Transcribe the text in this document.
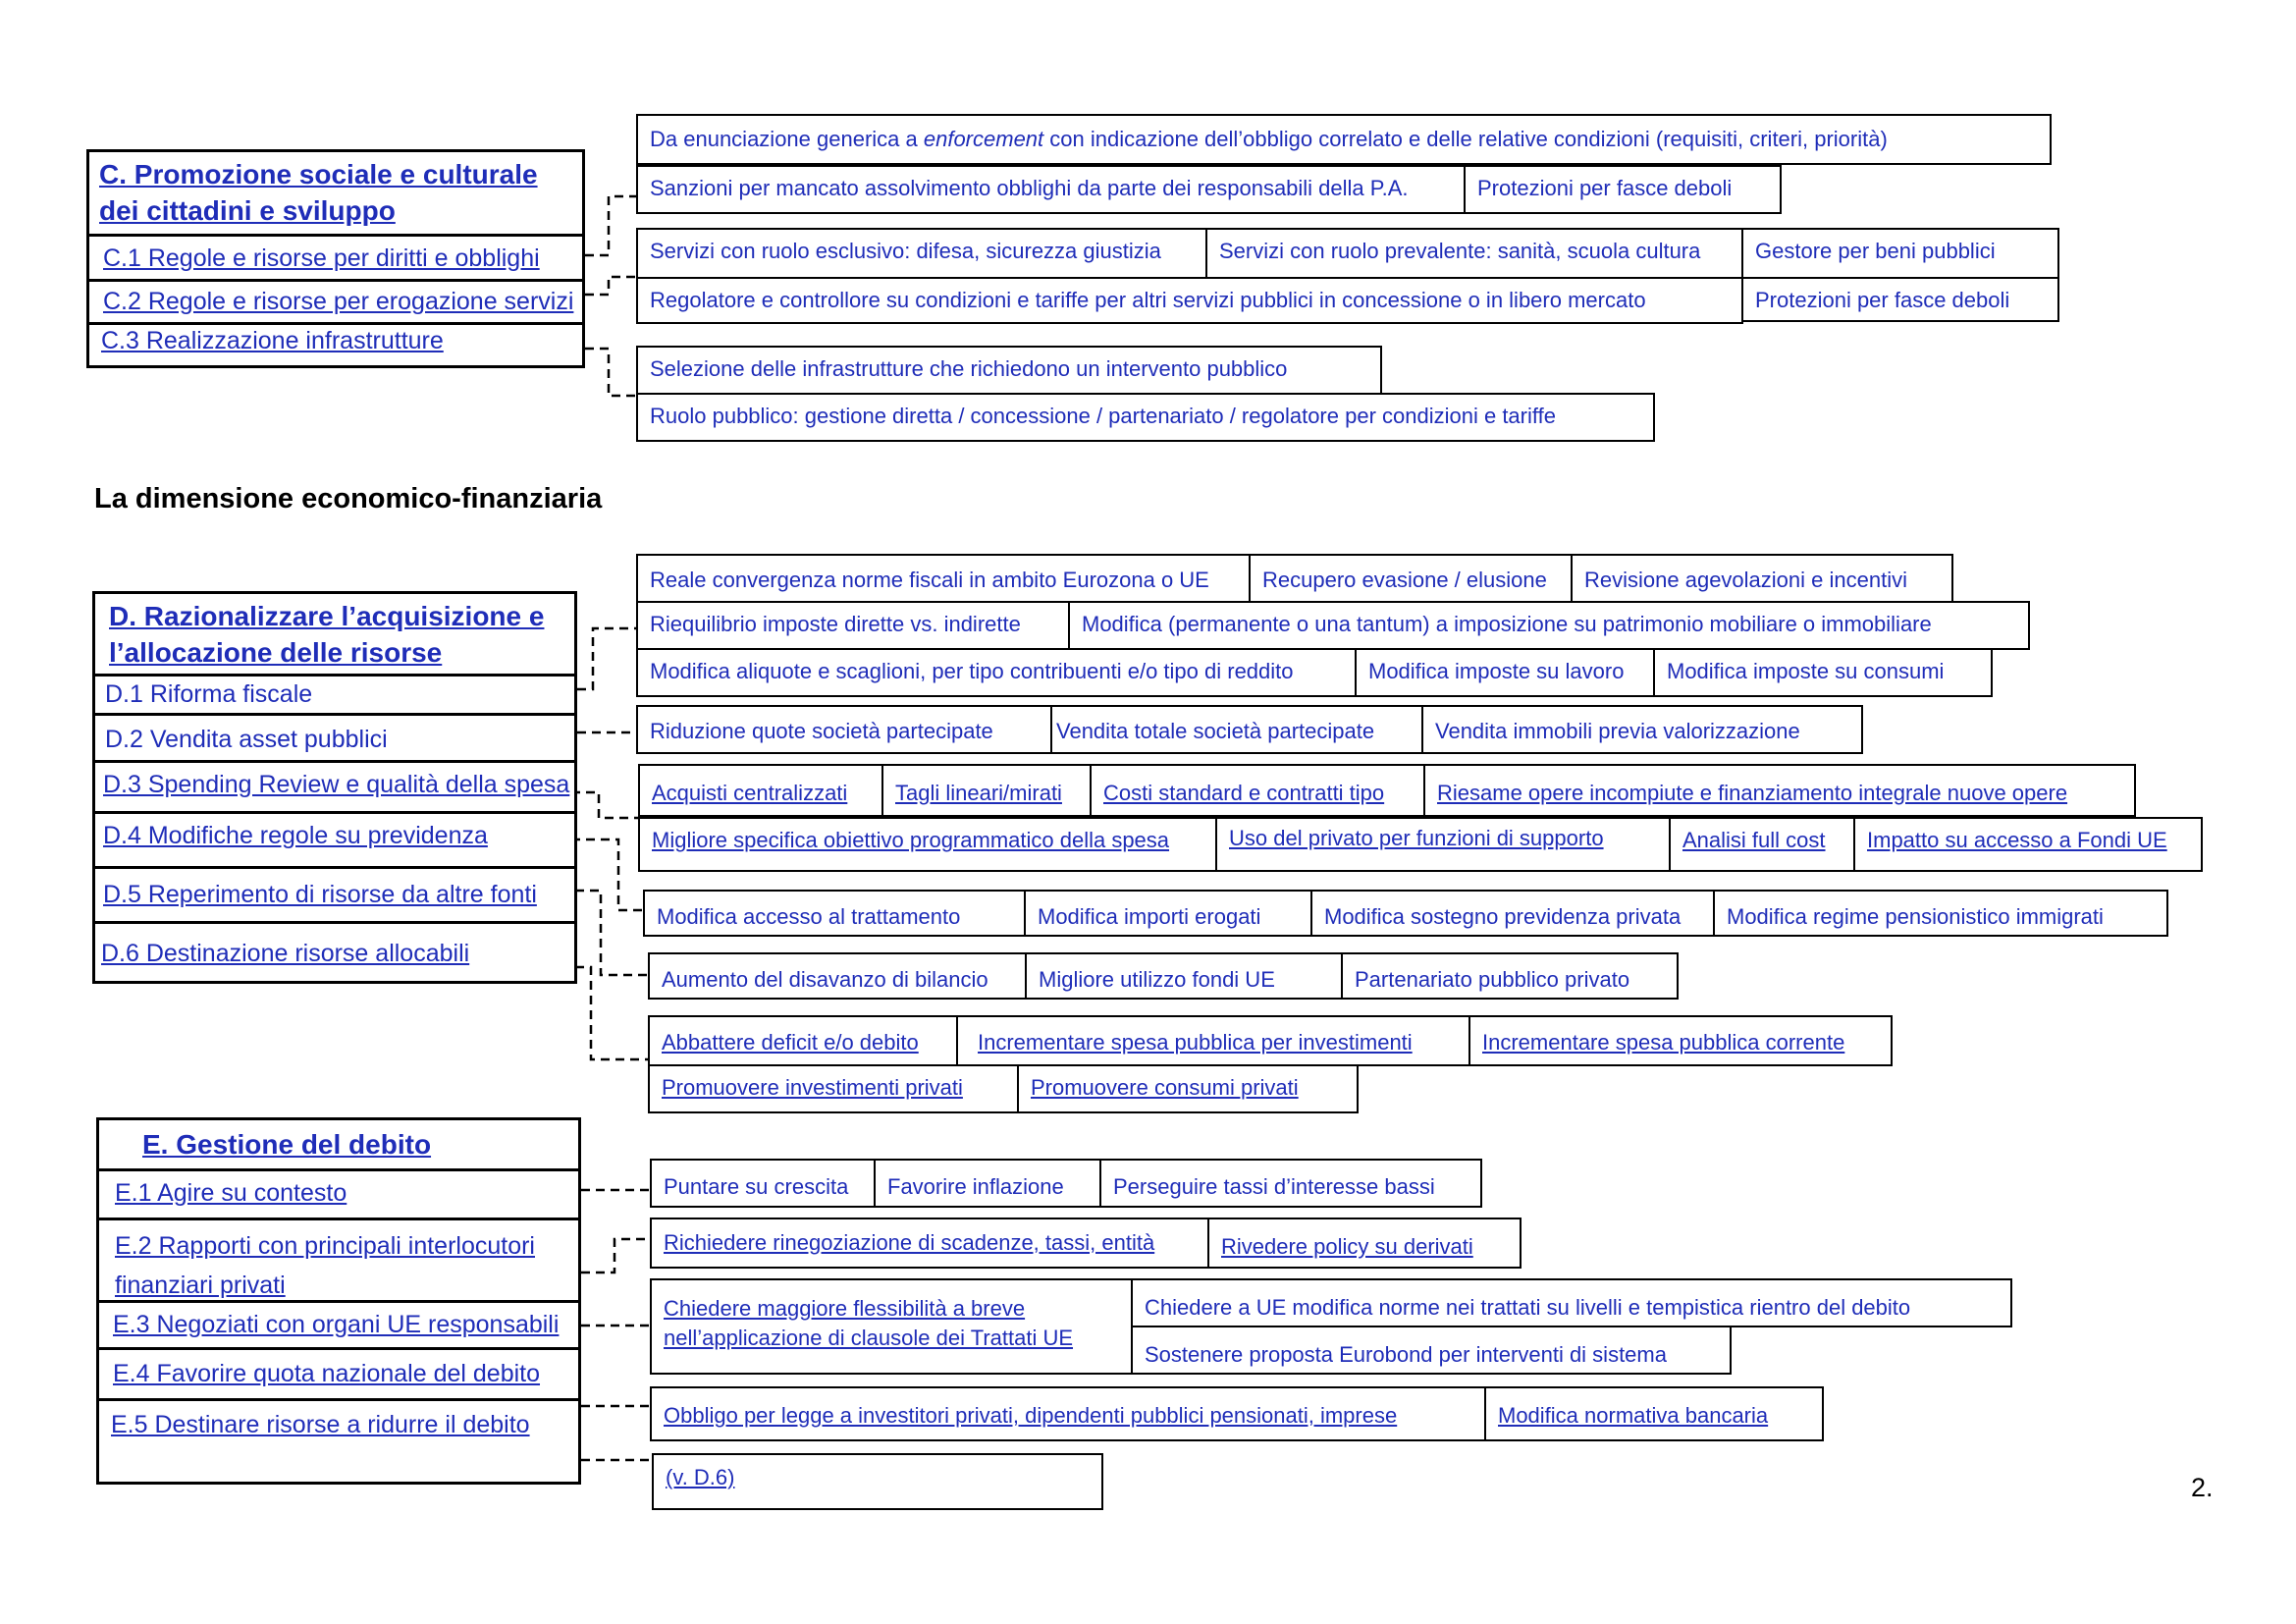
C. Promozione sociale e culturale dei cittadini e sviluppo
C.1 Regole e risorse per diritti e obblighi
C.2 Regole e risorse per erogazione servizi
C.3 Realizzazione infrastrutture
Da enunciazione generica a enforcement con indicazione dell’obbligo correlato e delle relative condizioni (requisiti, criteri, priorità)
Sanzioni per mancato assolvimento obblighi da parte dei responsabili della P.A.	Protezioni per fasce deboli
Servizi con ruolo esclusivo: difesa, sicurezza giustizia	Servizi con ruolo prevalente: sanità, scuola cultura	Gestore per beni pubblici
Regolatore e controllore su condizioni e tariffe per altri servizi pubblici in concessione o in libero mercato	Protezioni per fasce deboli
Selezione delle infrastrutture che richiedono un intervento pubblico
Ruolo pubblico: gestione diretta / concessione / partenariato / regolatore per condizioni e tariffe
La dimensione economico-finanziaria
D. Razionalizzare l’acquisizione e l’allocazione delle risorse
D.1 Riforma fiscale
D.2 Vendita asset pubblici
D.3 Spending Review e qualità della spesa
D.4 Modifiche regole su previdenza
D.5 Reperimento di risorse da altre fonti
D.6 Destinazione risorse allocabili
Reale convergenza norme fiscali in ambito Eurozona o UE	Recupero evasione / elusione	Revisione agevolazioni e incentivi
Riequilibrio imposte dirette vs. indirette	Modifica (permanente o una tantum) a imposizione su patrimonio mobiliare o immobiliare
Modifica aliquote e scaglioni, per tipo contribuenti e/o tipo di reddito	Modifica imposte su lavoro	Modifica imposte su consumi
Riduzione quote società partecipate	Vendita totale società partecipate	Vendita immobili previa valorizzazione
Acquisti centralizzati	Tagli lineari/mirati	Costi standard e contratti tipo	Riesame opere incompiute e finanziamento integrale nuove opere
Migliore specifica obiettivo programmatico della spesa	Uso del privato per funzioni di supporto	Analisi full cost	Impatto su accesso a Fondi UE
Modifica accesso al trattamento	Modifica importi erogati	Modifica sostegno previdenza privata	Modifica regime pensionistico immigrati
Aumento del disavanzo di bilancio	Migliore utilizzo fondi UE	Partenariato pubblico privato
Abbattere deficit e/o debito	Incrementare spesa pubblica per investimenti	Incrementare spesa pubblica corrente
Promuovere investimenti privati	Promuovere consumi privati
E. Gestione del debito
E.1 Agire su contesto
E.2 Rapporti con principali interlocutori finanziari privati
E.3 Negoziati con organi UE responsabili
E.4 Favorire quota nazionale del debito
E.5 Destinare risorse a ridurre il debito
Puntare su crescita	Favorire inflazione	Perseguire tassi d’interesse bassi
Richiedere rinegoziazione di scadenze, tassi, entità	Rivedere policy su derivati
Chiedere maggiore flessibilità a breve nell’applicazione di clausole dei Trattati UE
Chiedere a UE modifica norme nei trattati su livelli e tempistica rientro del debito
Sostenere proposta Eurobond per interventi di sistema
Obbligo per legge a investitori privati, dipendenti pubblici pensionati, imprese	Modifica normativa bancaria
(v. D.6)	2.
